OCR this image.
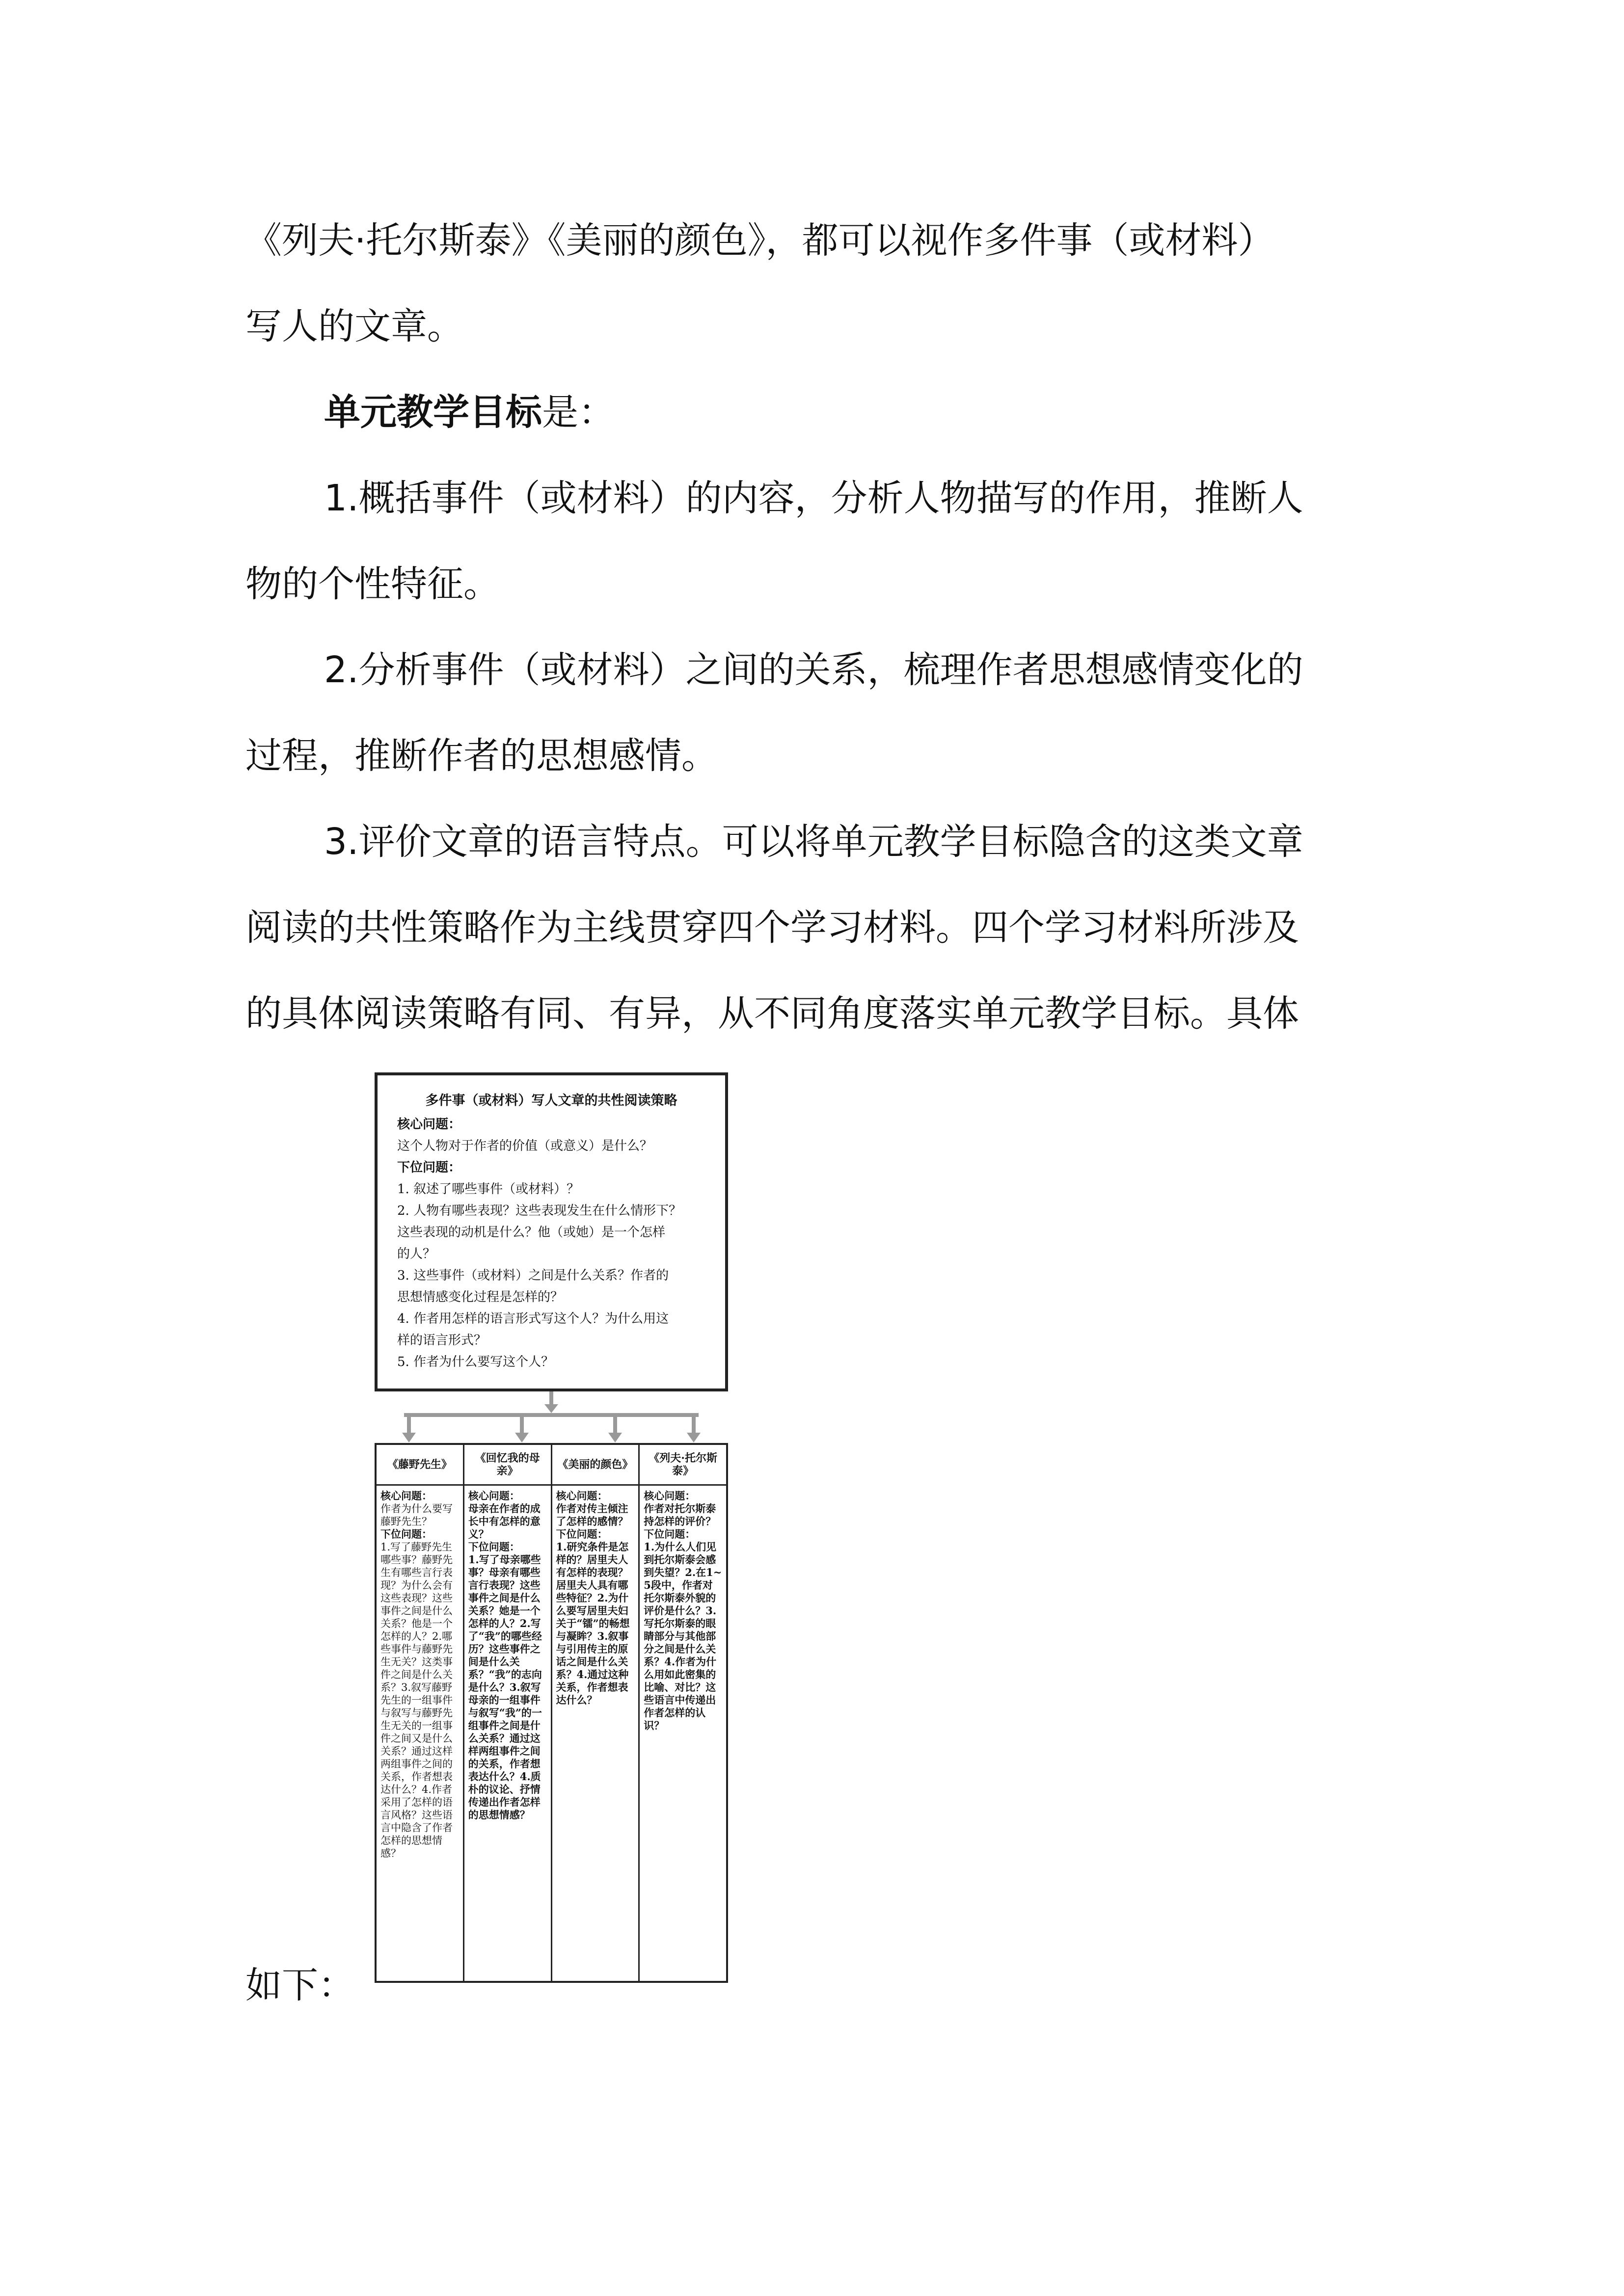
《列夫·托尔斯泰》《美丽的颜色》，都可以视作多件事（或材料）
写人的文章。
单元教学目标是：
1.概括事件（或材料）的内容，分析人物描写的作用，推断人
物的个性特征。
2.分析事件（或材料）之间的关系，梳理作者思想感情变化的
过程，推断作者的思想感情。
3.评价文章的语言特点。可以将单元教学目标隐含的这类文章
阅读的共性策略作为主线贯穿四个学习材料。四个学习材料所涉及
的具体阅读策略有同、有异，从不同角度落实单元教学目标。具体
多件事（或材料）写人文章的共性阅读策略
核心问题：
这个人物对于作者的价值（或意义）是什么？
下位问题：
1. 叙述了哪些事件（或材料）？
2. 人物有哪些表现？这些表现发生在什么情形下？
这些表现的动机是什么？他（或她）是一个怎样
的人？
3. 这些事件（或材料）之间是什么关系？作者的
思想情感变化过程是怎样的？
4. 作者用怎样的语言形式写这个人？为什么用这
样的语言形式？
5. 作者为什么要写这个人？
《藤野先生》
核心问题：
作者为什么要写藤野先生？
下位问题：
1.写了藤野先生哪些事？藤野先生有哪些言行表现？为什么会有这些表现？这些事件之间是什么关系？他是一个怎样的人？2.哪些事件与藤野先生无关？这类事件之间是什么关系？3.叙写藤野先生的一组事件与叙写与藤野先生无关的一组事件之间又是什么关系？通过这样两组事件之间的关系，作者想表达什么？4.作者采用了怎样的语言风格？这些语言中隐含了作者怎样的思想情感？
《回忆我的母亲》
核心问题：
母亲在作者的成长中有怎样的意义？
下位问题：
1.写了母亲哪些事？母亲有哪些言行表现？这些事件之间是什么关系？她是一个怎样的人？2.写了“我”的哪些经历？这些事件之间是什么关系？“我”的志向是什么？3.叙写母亲的一组事件与叙写“我”的一组事件之间是什么关系？通过这样两组事件之间的关系，作者想表达什么？4.质朴的议论、抒情传递出作者怎样的思想情感？
《美丽的颜色》
核心问题：
作者对传主倾注了怎样的感情？
下位问题：
1.研究条件是怎样的？居里夫人有怎样的表现？居里夫人具有哪些特征？2.为什么要写居里夫妇关于“镭”的畅想与凝眸？3.叙事与引用传主的原话之间是什么关系？4.通过这种关系，作者想表达什么？
《列夫·托尔斯泰》
核心问题：
作者对托尔斯泰持怎样的评价？
下位问题：
1.为什么人们见到托尔斯泰会感到失望？2.在1~5段中，作者对托尔斯泰外貌的评价是什么？3.写托尔斯泰的眼睛部分与其他部分之间是什么关系？4.作者为什么用如此密集的比喻、对比？这些语言中传递出作者怎样的认识？
如下：
